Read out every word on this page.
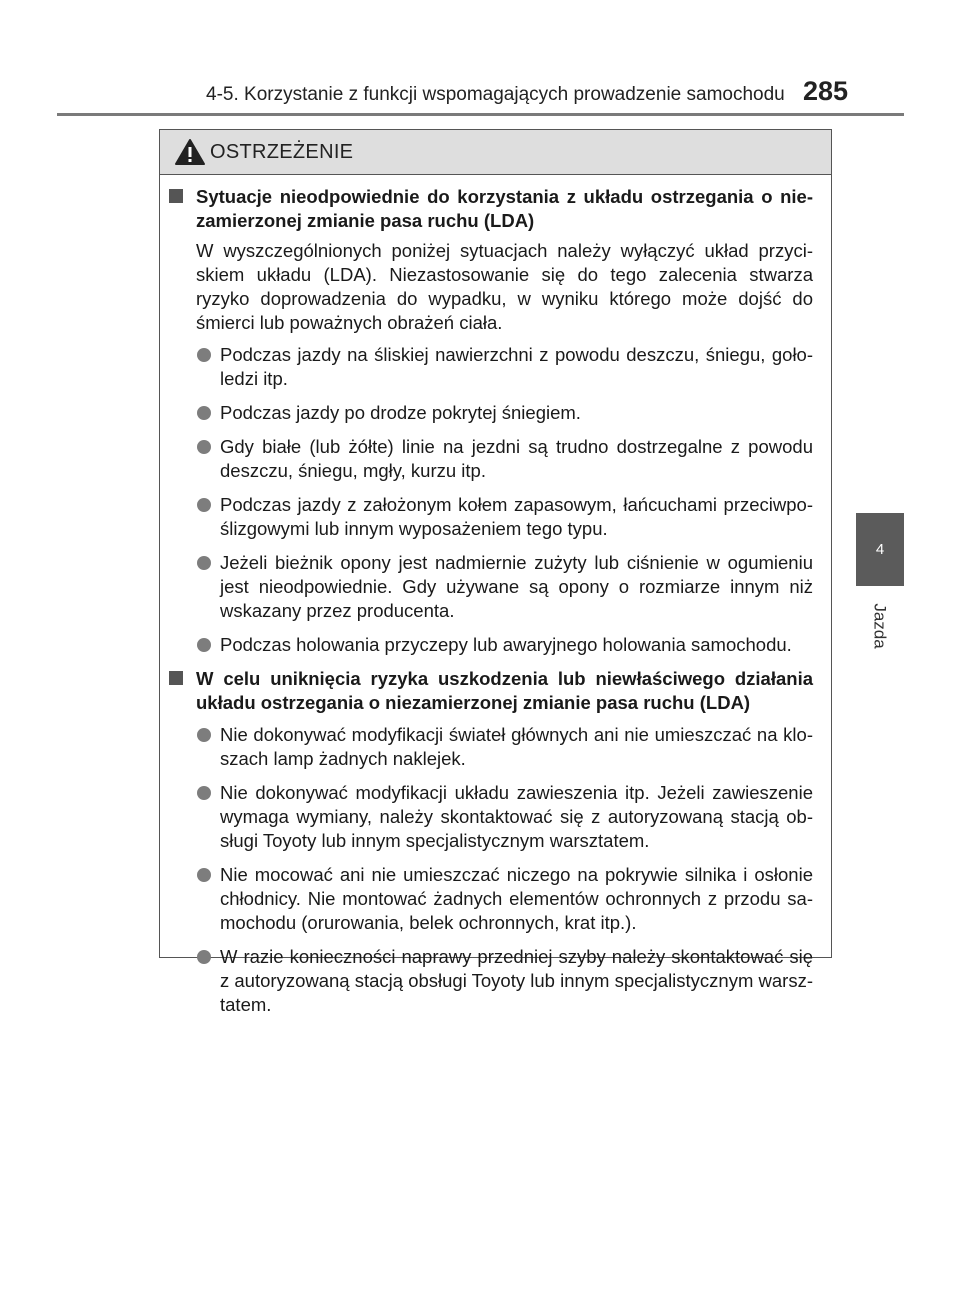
4-5. Korzystanie z funkcji wspomagających prowadzenie samochodu 285
4
Jazda
OSTRZEŻENIE

Sytuacje nieodpowiednie do korzystania z układu ostrzegania o nie-zamierzonej zmianie pasa ruchu (LDA)

W wyszczególnionych poniżej sytuacjach należy wyłączyć układ przyci-skiem układu (LDA). Niezastosowanie się do tego zalecenia stwarza ryzyko doprowadzenia do wypadku, w wyniku którego może dojść do śmierci lub poważnych obrażeń ciała.

Podczas jazdy na śliskiej nawierzchni z powodu deszczu, śniegu, goło-ledzi itp.
Podczas jazdy po drodze pokrytej śniegiem.
Gdy białe (lub żółte) linie na jezdni są trudno dostrzegalne z powodu deszczu, śniegu, mgły, kurzu itp.
Podczas jazdy z założonym kołem zapasowym, łańcuchami przeciwpo-ślizgowymi lub innym wyposażeniem tego typu.
Jeżeli bieżnik opony jest nadmiernie zużyty lub ciśnienie w ogumieniu jest nieodpowiednie. Gdy używane są opony o rozmiarze innym niż wskazany przez producenta.
Podczas holowania przyczepy lub awaryjnego holowania samochodu.

W celu uniknięcia ryzyka uszkodzenia lub niewłaściwego działania układu ostrzegania o niezamierzonej zmianie pasa ruchu (LDA)

Nie dokonywać modyfikacji świateł głównych ani nie umieszczać na klo-szach lamp żadnych naklejek.
Nie dokonywać modyfikacji układu zawieszenia itp. Jeżeli zawieszenie wymaga wymiany, należy skontaktować się z autoryzowaną stacją ob-sługi Toyoty lub innym specjalistycznym warsztatem.
Nie mocować ani nie umieszczać niczego na pokrywie silnika i osłonie chłodnicy. Nie montować żadnych elementów ochronnych z przodu sa-mochodu (orurowania, belek ochronnych, krat itp.).
W razie konieczności naprawy przedniej szyby należy skontaktować się z autoryzowaną stacją obsługi Toyoty lub innym specjalistycznym warsz-tatem.
